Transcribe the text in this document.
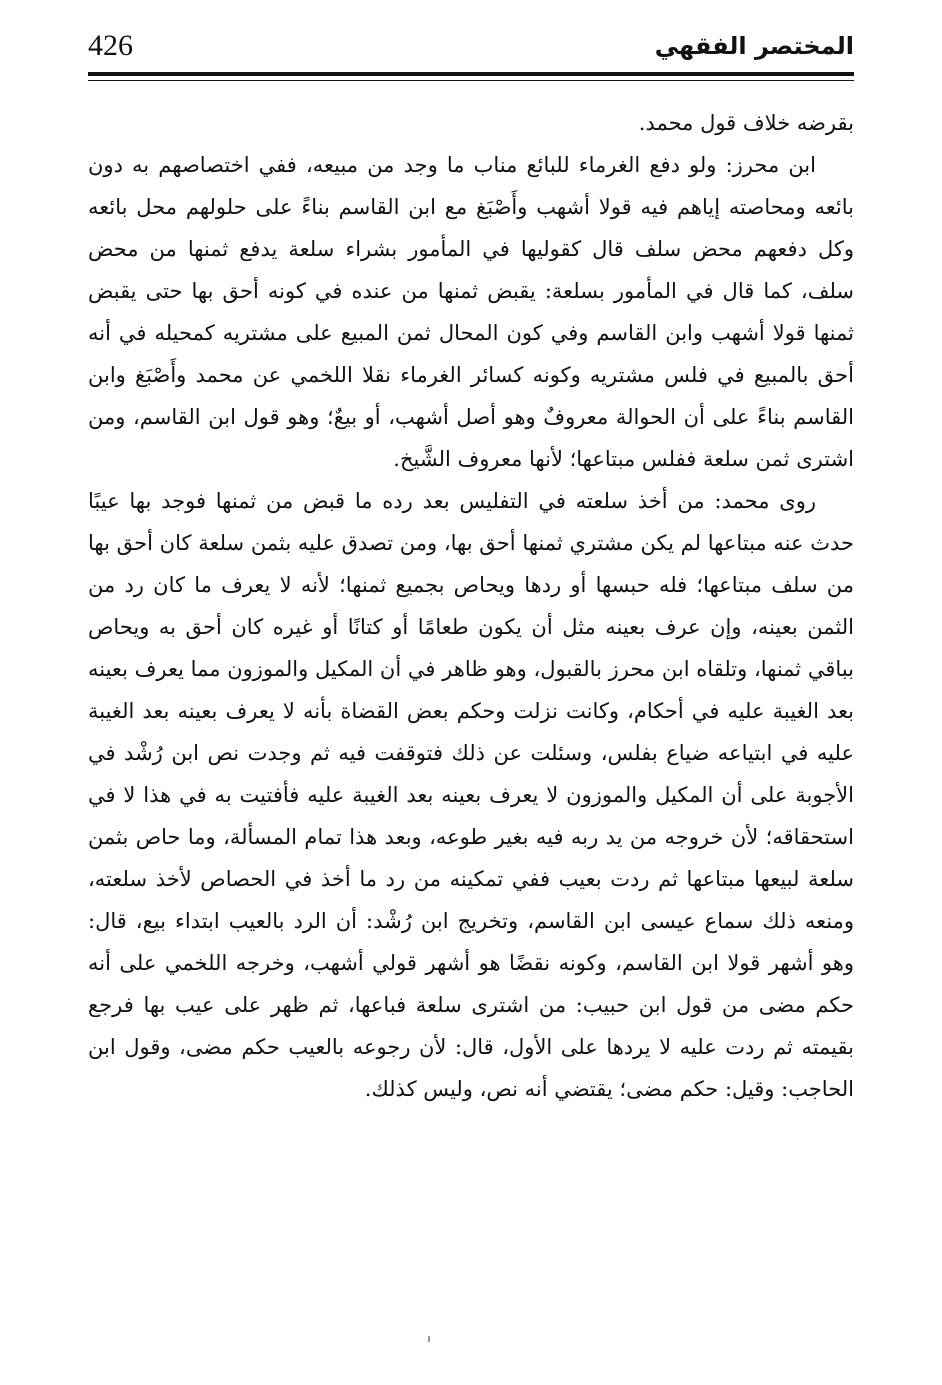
426	المختصر الفقهي

بقرضه خلاف قول محمد.

ابن محرز: ولو دفع الغرماء للبائع مناب ما وجد من مبيعه، ففي اختصاصهم به دون بائعه ومحاصته إياهم فيه قولا أشهب وأَصْبَغ مع ابن القاسم بناءً على حلولهم محل بائعه وكل دفعهم محض سلف قال كقوليها في المأمور بشراء سلعة يدفع ثمنها من محض سلف، كما قال في المأمور بسلعة: يقبض ثمنها من عنده في كونه أحق بها حتى يقبض ثمنها قولا أشهب وابن القاسم وفي كون المحال ثمن المبيع على مشتريه كمحيله في أنه أحق بالمبيع في فلس مشتريه وكونه كسائر الغرماء نقلا اللخمي عن محمد وأَصْبَغ وابن القاسم بناءً على أن الحوالة معروفٌ وهو أصل أشهب، أو بيعٌ؛ وهو قول ابن القاسم، ومن اشترى ثمن سلعة ففلس مبتاعها؛ لأنها معروف الشَّيخ.

روى محمد: من أخذ سلعته في التفليس بعد رده ما قبض من ثمنها فوجد بها عيبًا حدث عنه مبتاعها لم يكن مشتري ثمنها أحق بها، ومن تصدق عليه بثمن سلعة كان أحق بها من سلف مبتاعها؛ فله حبسها أو ردها ويحاص بجميع ثمنها؛ لأنه لا يعرف ما كان رد من الثمن بعينه، وإن عرف بعينه مثل أن يكون طعامًا أو كتانًا أو غيره كان أحق به ويحاص بباقي ثمنها، وتلقاه ابن محرز بالقبول، وهو ظاهر في أن المكيل والموزون مما يعرف بعينه بعد الغيبة عليه في أحكام، وكانت نزلت وحكم بعض القضاة بأنه لا يعرف بعينه بعد الغيبة عليه في ابتياعه ضياع بفلس، وسئلت عن ذلك فتوقفت فيه ثم وجدت نص ابن رُشْد في الأجوبة على أن المكيل والموزون لا يعرف بعينه بعد الغيبة عليه فأفتيت به في هذا لا في استحقاقه؛ لأن خروجه من يد ربه فيه بغير طوعه، وبعد هذا تمام المسألة، وما حاص بثمن سلعة لبيعها مبتاعها ثم ردت بعيب ففي تمكينه من رد ما أخذ في الحصاص لأخذ سلعته، ومنعه ذلك سماع عيسى ابن القاسم، وتخريج ابن رُشْد: أن الرد بالعيب ابتداء بيع، قال: وهو أشهر قولا ابن القاسم، وكونه نقضًا هو أشهر قولي أشهب، وخرجه اللخمي على أنه حكم مضى من قول ابن حبيب: من اشترى سلعة فباعها، ثم ظهر على عيب بها فرجع بقيمته ثم ردت عليه لا يردها على الأول، قال: لأن رجوعه بالعيب حكم مضى، وقول ابن الحاجب: وقيل: حكم مضى؛ يقتضي أنه نص، وليس كذلك.
